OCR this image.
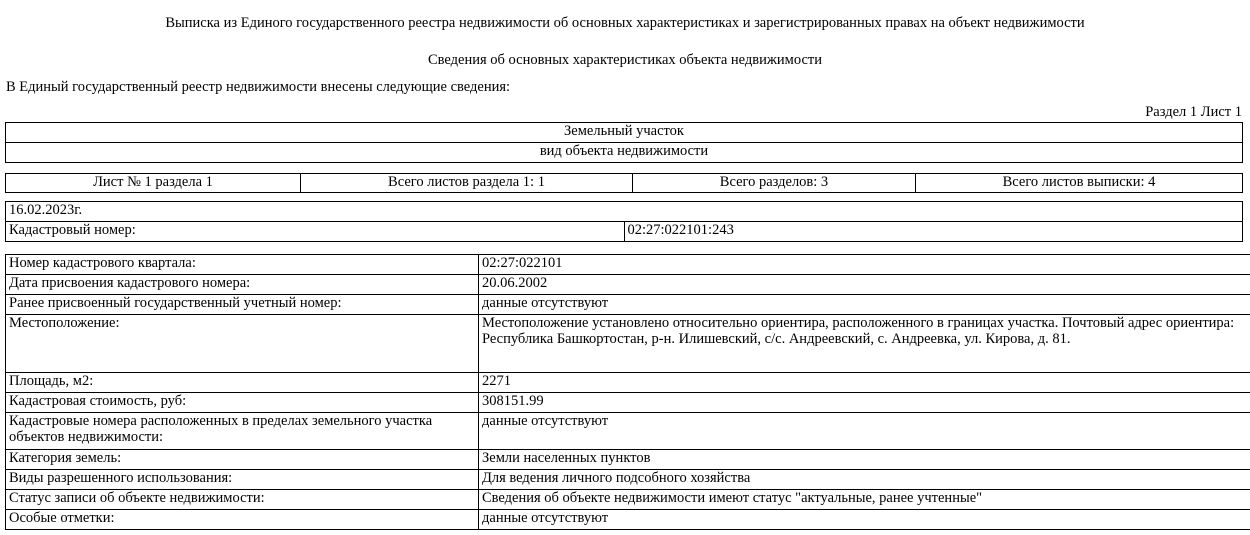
Выписка из Единого государственного реестра недвижимости об основных характеристиках и зарегистрированных правах на объект недвижимости
Сведения об основных характеристиках объекта недвижимости
В Единый государственный реестр недвижимости внесены следующие сведения:
Раздел 1 Лист 1
Земельный участок
вид объекта недвижимости
Лист № 1 раздела 1	Всего листов раздела 1: 1	Всего разделов: 3	Всего листов выписки: 4
16.02.2023г.
Кадастровый номер:	02:27:022101:243
Номер кадастрового квартала:	02:27:022101
Дата присвоения кадастрового номера:	20.06.2002
Ранее присвоенный государственный учетный номер:	данные отсутствуют
Местоположение:	Местоположение установлено относительно ориентира, расположенного в границах участка. Почтовый адрес ориентира: Республика Башкортостан, р-н. Илишевский, с/с. Андреевский, с. Андреевка, ул. Кирова, д. 81.
Площадь, м2:	2271
Кадастровая стоимость, руб:	308151.99
Кадастровые номера расположенных в пределах земельного участка объектов недвижимости:	данные отсутствуют
Категория земель:	Земли населенных пунктов
Виды разрешенного использования:	Для ведения личного подсобного хозяйства
Статус записи об объекте недвижимости:	Сведения об объекте недвижимости имеют статус "актуальные, ранее учтенные"
Особые отметки:	данные отсутствуют
